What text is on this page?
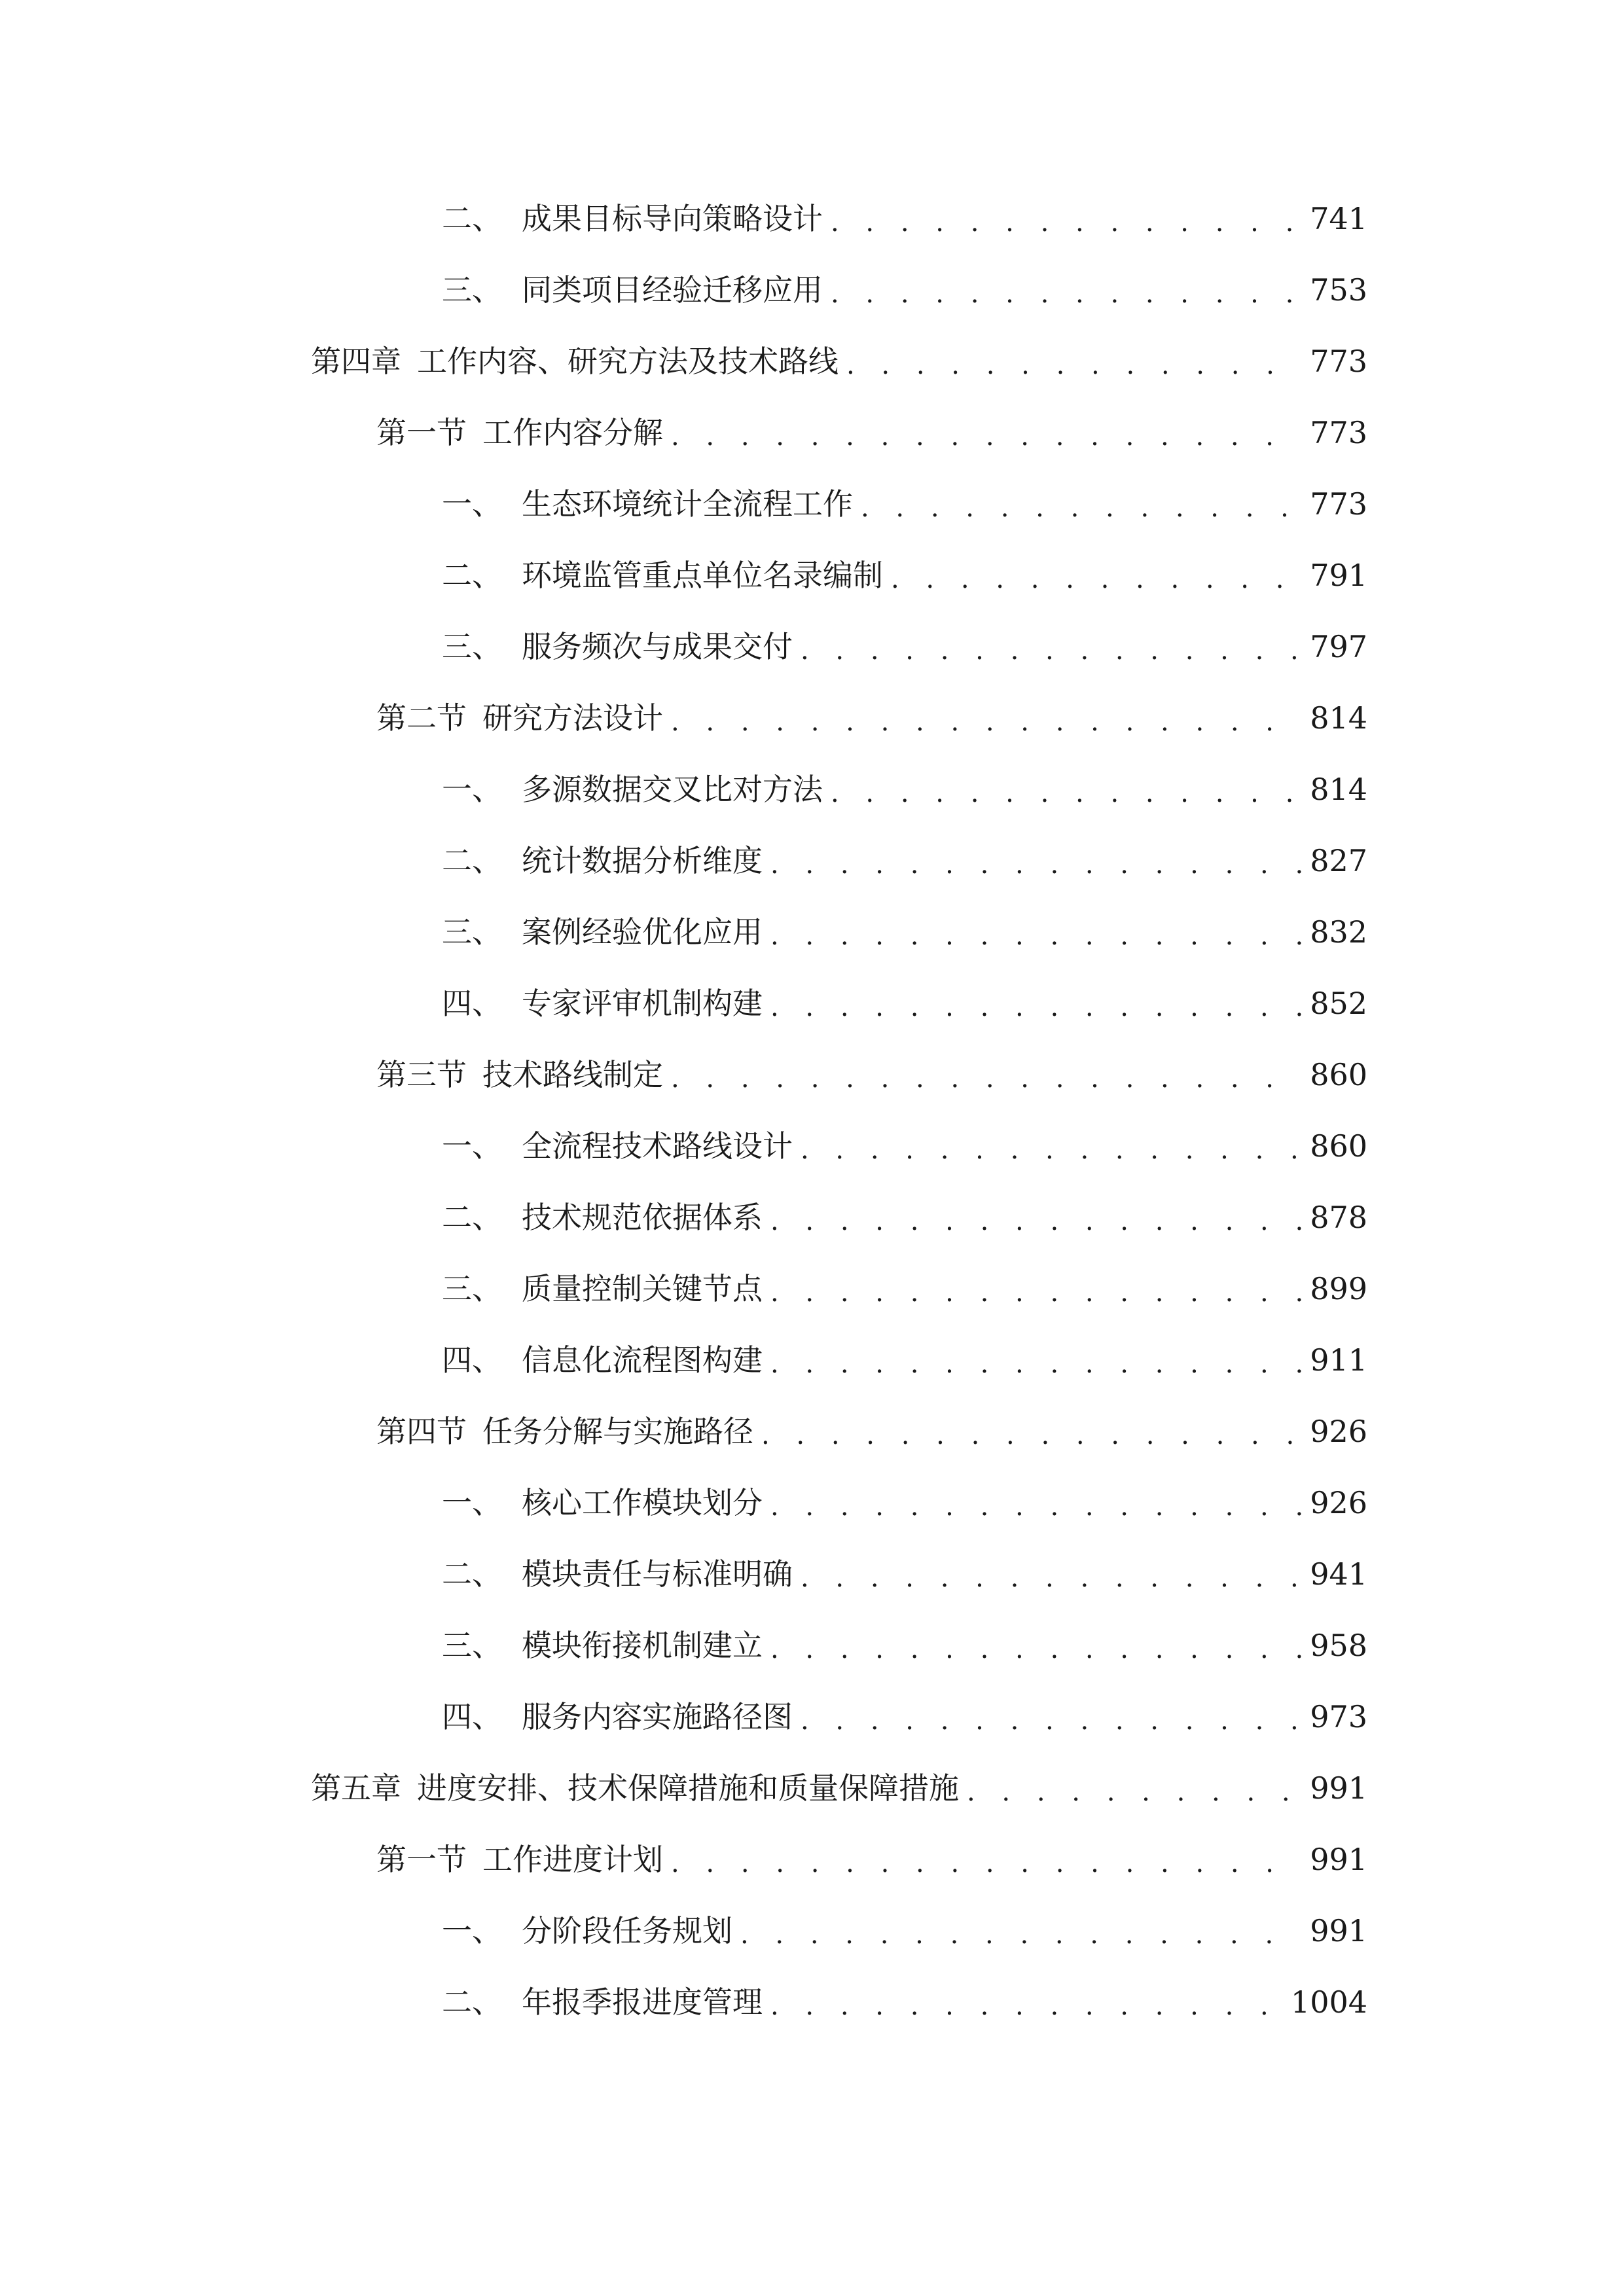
二、 成果目标导向策略设计 . . .	741
三、 同类项目经验迁移应用 . . .	753
第四章 工作内容、研究方法及技术路线 . . .	773
第一节 工作内容分解 . . .	773
一、 生态环境统计全流程工作 . . .	773
二、 环境监管重点单位名录编制 . . .	791
三、 服务频次与成果交付 . . .	797
第二节 研究方法设计 . . .	814
一、 多源数据交叉比对方法 . . .	814
二、 统计数据分析维度 . . .	827
三、 案例经验优化应用 . . .	832
四、 专家评审机制构建 . . .	852
第三节 技术路线制定 . . .	860
一、 全流程技术路线设计 . . .	860
二、 技术规范依据体系 . . .	878
三、 质量控制关键节点 . . .	899
四、 信息化流程图构建 . . .	911
第四节 任务分解与实施路径 . . .	926
一、 核心工作模块划分 . . .	926
二、 模块责任与标准明确 . . .	941
三、 模块衔接机制建立 . . .	958
四、 服务内容实施路径图 . . .	973
第五章 进度安排、技术保障措施和质量保障措施 . . .	991
第一节 工作进度计划 . . .	991
一、 分阶段任务规划 . . .	991
二、 年报季报进度管理 . . .	1004
